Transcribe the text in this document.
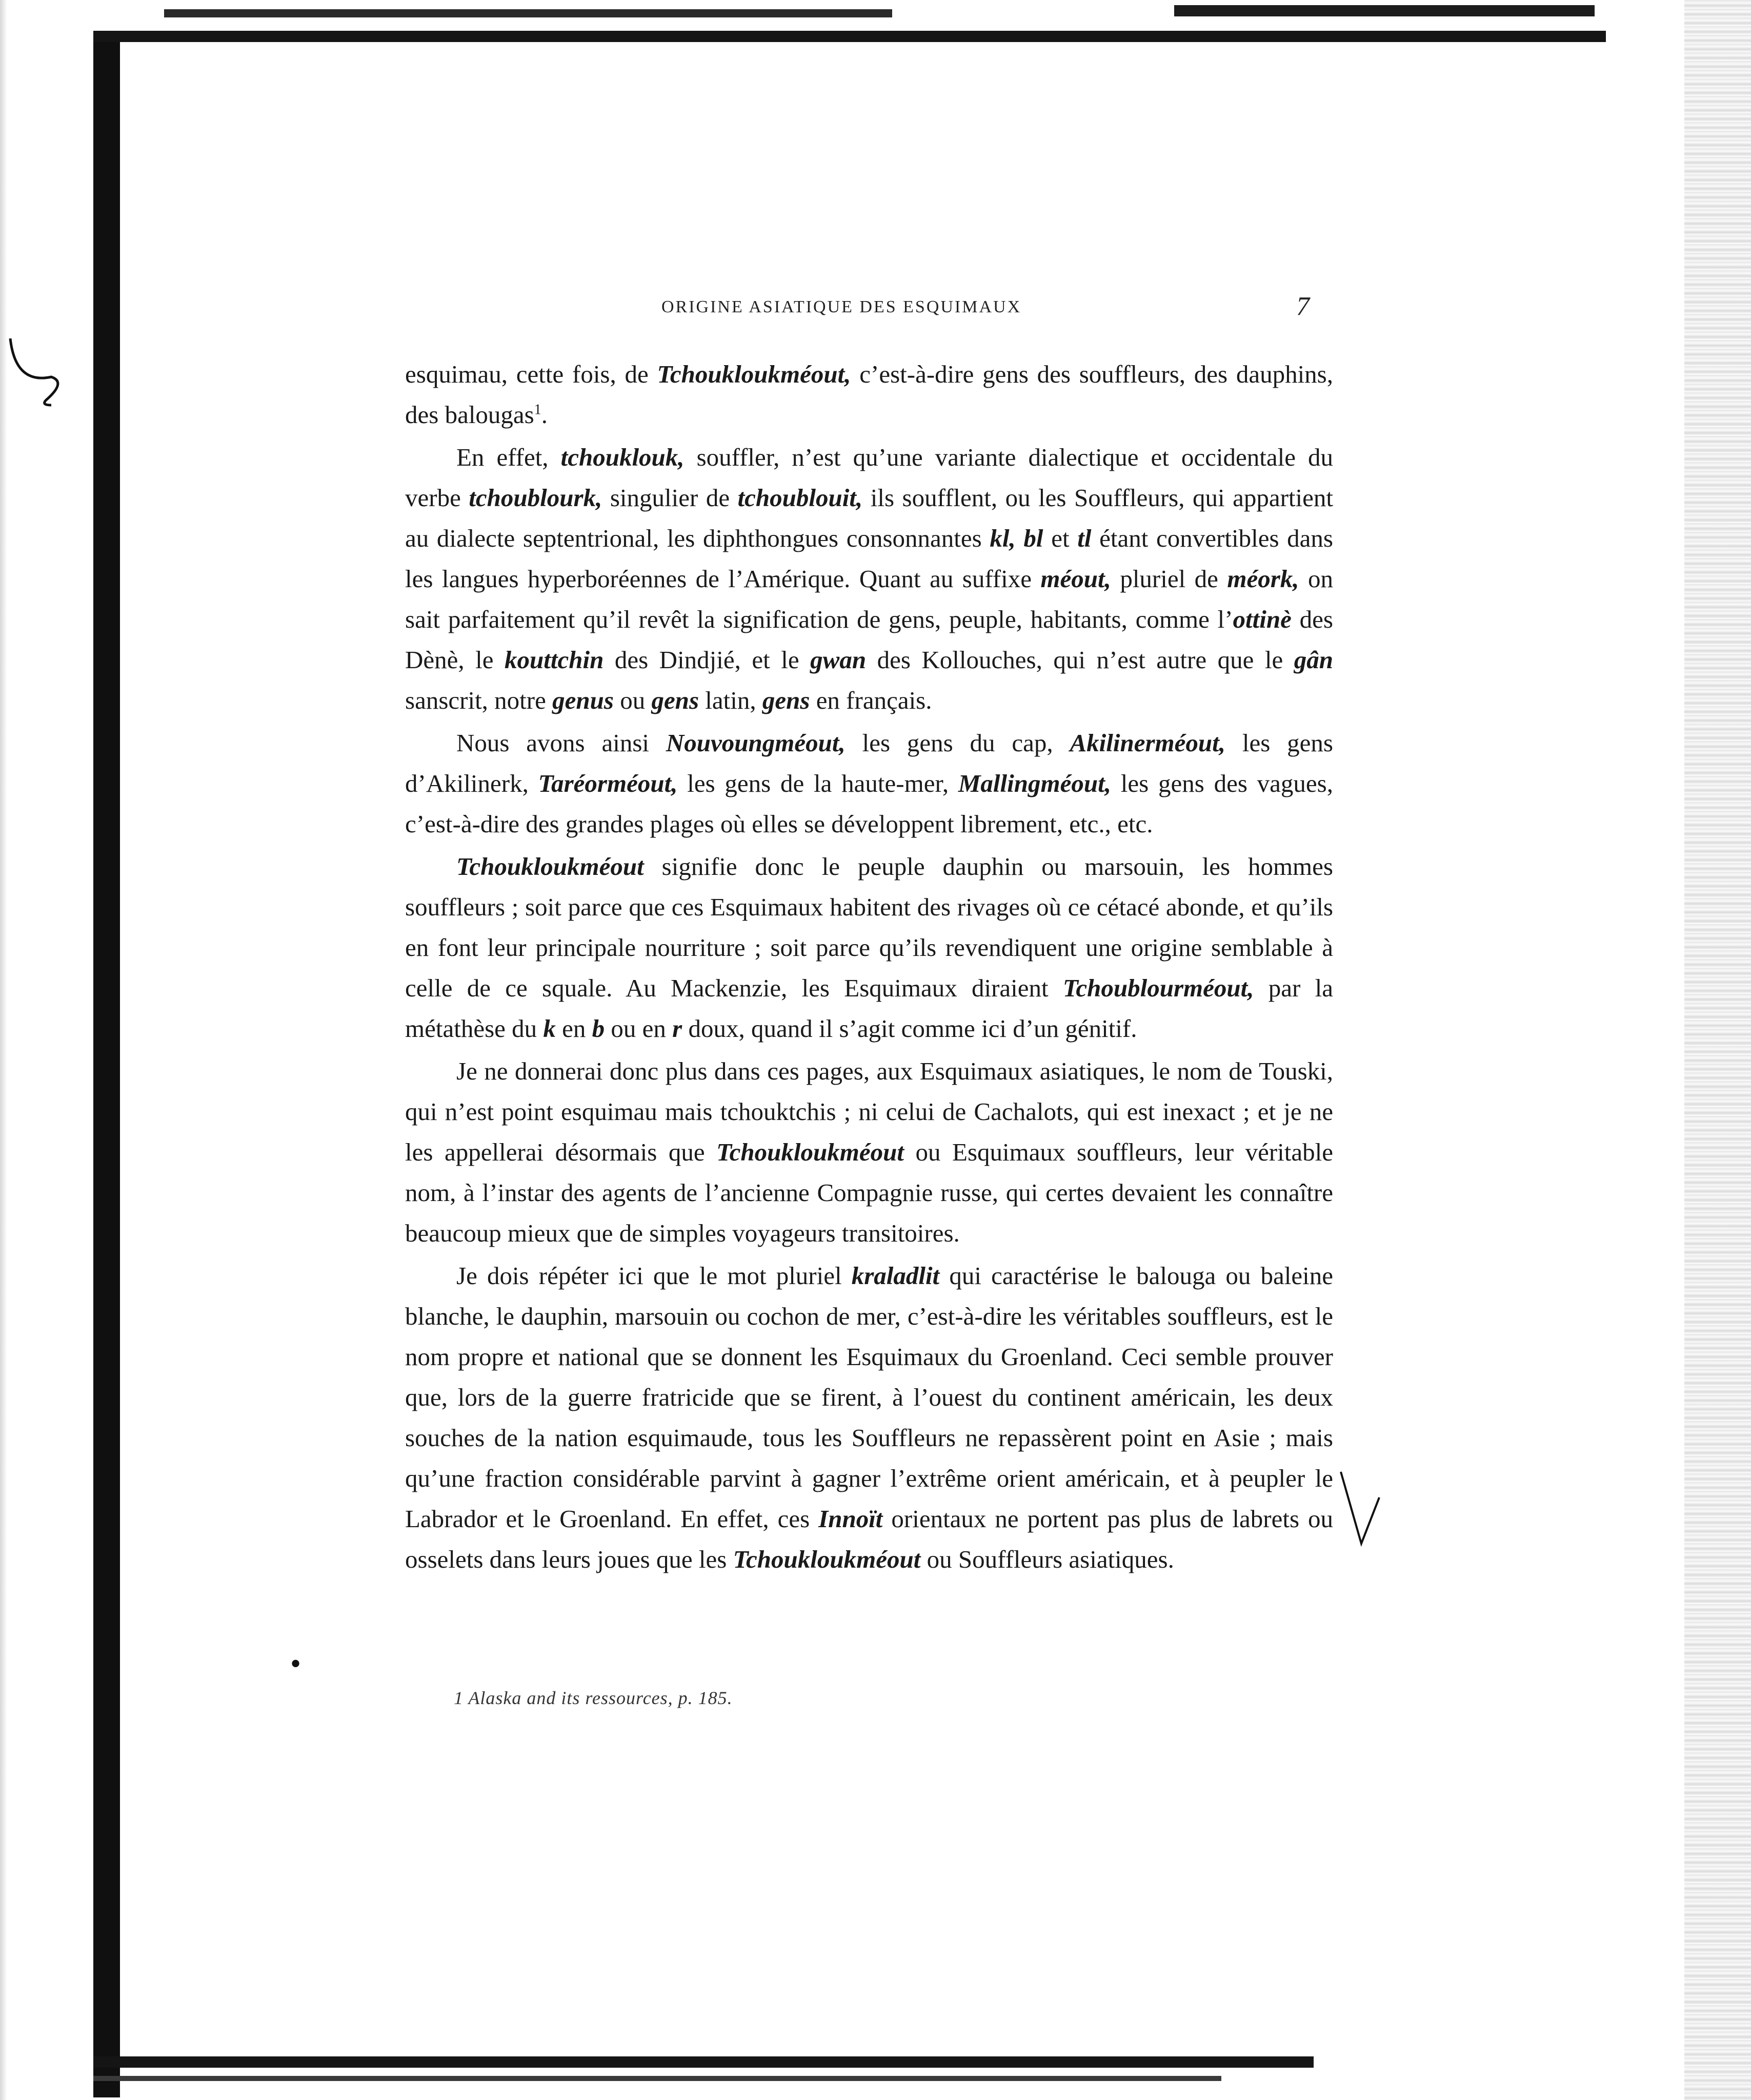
•
ORIGINE ASIATIQUE DES ESQUIMAUX	7

esquimau, cette fois, de Tchoukloukméout, c’est-à-dire gens des souffleurs, des dauphins, des balougas$^1$.

En effet, tchouklouk, souffler, n’est qu’une variante dialectique et occidentale du verbe tchoublourk, singulier de tchoublouit, ils soufflent, ou les Souffleurs, qui appartient au dialecte septentrional, les diphthongues consonnantes kl, bl et tl étant convertibles dans les langues hyperboréennes de l’Amérique. Quant au suffixe méout, pluriel de méork, on sait parfaitement qu’il revêt la signification de gens, peuple, habitants, comme l’ottinè des Dènè, le kouttchin des Dindjié, et le gwan des Kollouches, qui n’est autre que le gân sanscrit, notre genus ou gens latin, gens en français.

Nous avons ainsi Nouvoungméout, les gens du cap, Akilinerméout, les gens d’Akilinerk, Taréorméout, les gens de la haute-mer, Mallingméout, les gens des vagues, c’est-à-dire des grandes plages où elles se développent librement, etc., etc.

Tchoukloukméout signifie donc le peuple dauphin ou marsouin, les hommes souffleurs ; soit parce que ces Esquimaux habitent des rivages où ce cétacé abonde, et qu’ils en font leur principale nourriture ; soit parce qu’ils revendiquent une origine semblable à celle de ce squale. Au Mackenzie, les Esquimaux diraient Tchoublourméout, par la métathèse du k en b ou en r doux, quand il s’agit comme ici d’un génitif.

Je ne donnerai donc plus dans ces pages, aux Esquimaux asiatiques, le nom de Touski, qui n’est point esquimau mais tchouktchis ; ni celui de Cachalots, qui est inexact ; et je ne les appellerai désormais que Tchoukloukméout ou Esquimaux souffleurs, leur véritable nom, à l’instar des agents de l’ancienne Compagnie russe, qui certes devaient les connaître beaucoup mieux que de simples voyageurs transitoires.

Je dois répéter ici que le mot pluriel kraladlit qui caractérise le balouga ou baleine blanche, le dauphin, marsouin ou cochon de mer, c’est-à-dire les véritables souffleurs, est le nom propre et national que se donnent les Esquimaux du Groenland. Ceci semble prouver que, lors de la guerre fratricide que se firent, à l’ouest du continent américain, les deux souches de la nation esquimaude, tous les Souffleurs ne repassèrent point en Asie ; mais qu’une fraction considérable parvint à gagner l’extrême orient américain, et à peupler le Labrador et le Groenland. En effet, ces Innoït orientaux ne portent pas plus de labrets ou osselets dans leurs joues que les Tchoukloukméout ou Souffleurs asiatiques.

1 Alaska and its ressources, p. 185.
